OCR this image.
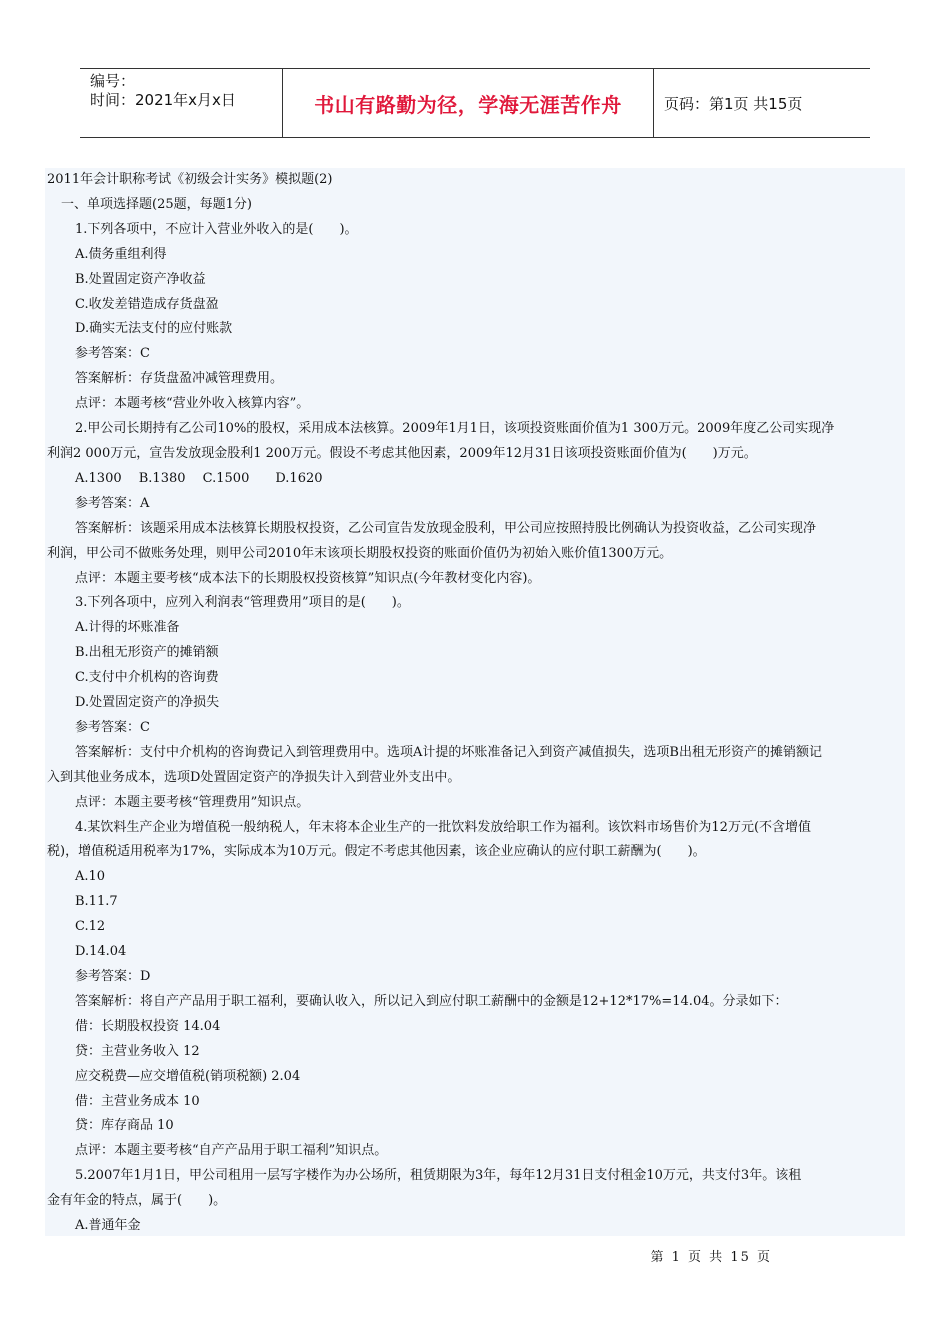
编号：
时间：2021年x月x日	书山有路勤为径，学海无涯苦作舟	页码：第1页 共15页
2011年会计职称考试《初级会计实务》模拟题(2)
一、单项选择题(25题，每题1分)
1.下列各项中，不应计入营业外收入的是(　　)。
A.债务重组利得
B.处置固定资产净收益
C.收发差错造成存货盘盈
D.确实无法支付的应付账款
参考答案：C
答案解析：存货盘盈冲减管理费用。
点评：本题考核“营业外收入核算内容”。
2.甲公司长期持有乙公司10%的股权，采用成本法核算。2009年1月1日，该项投资账面价值为1 300万元。2009年度乙公司实现净
利润2 000万元，宣告发放现金股利1 200万元。假设不考虑其他因素，2009年12月31日该项投资账面价值为(　　)万元。
A.1300　 B.1380　 C.1500　　D.1620
参考答案：A
答案解析：该题采用成本法核算长期股权投资，乙公司宣告发放现金股利，甲公司应按照持股比例确认为投资收益，乙公司实现净
利润，甲公司不做账务处理，则甲公司2010年末该项长期股权投资的账面价值仍为初始入账价值1300万元。
点评：本题主要考核“成本法下的长期股权投资核算”知识点(今年教材变化内容)。
3.下列各项中，应列入利润表“管理费用”项目的是(　　)。
A.计得的坏账准备
B.出租无形资产的摊销额
C.支付中介机构的咨询费
D.处置固定资产的净损失
参考答案：C
答案解析：支付中介机构的咨询费记入到管理费用中。选项A计提的坏账准备记入到资产减值损失，选项B出租无形资产的摊销额记
入到其他业务成本，选项D处置固定资产的净损失计入到营业外支出中。
点评：本题主要考核“管理费用”知识点。
4.某饮料生产企业为增值税一般纳税人，年末将本企业生产的一批饮料发放给职工作为福利。该饮料市场售价为12万元(不含增值
税)，增值税适用税率为17%，实际成本为10万元。假定不考虑其他因素，该企业应确认的应付职工薪酬为(　　)。
A.10
B.11.7
C.12
D.14.04
参考答案：D
答案解析：将自产产品用于职工福利，要确认收入，所以记入到应付职工薪酬中的金额是12+12*17%=14.04。分录如下：
借：长期股权投资 14.04
贷：主营业务收入 12
应交税费—应交增值税(销项税额) 2.04
借：主营业务成本 10
贷：库存商品 10
点评：本题主要考核“自产产品用于职工福利”知识点。
5.2007年1月1日，甲公司租用一层写字楼作为办公场所，租赁期限为3年，每年12月31日支付租金10万元，共支付3年。该租
金有年金的特点，属于(　　)。
A.普通年金
第 1 页 共 15 页
